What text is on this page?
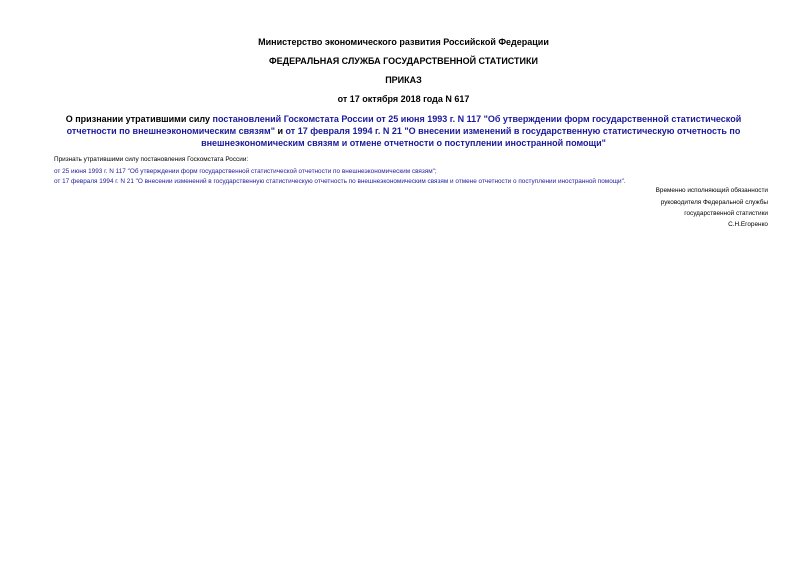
Министерство экономического развития Российской Федерации
ФЕДЕРАЛЬНАЯ СЛУЖБА ГОСУДАРСТВЕННОЙ СТАТИСТИКИ
ПРИКАЗ
от 17 октября 2018 года N 617
О признании утратившими силу постановлений Госкомстата России от 25 июня 1993 г. N 117 "Об утверждении форм государственной статистической отчетности по внешнеэкономическим связям" и от 17 февраля 1994 г. N 21 "О внесении изменений в государственную статистическую отчетность по внешнеэкономическим связям и отмене отчетности о поступлении иностранной помощи"
Признать утратившими силу постановления Госкомстата России:
от 25 июня 1993 г. N 117 "Об утверждении форм государственной статистической отчетности по внешнеэкономическим связям";
от 17 февраля 1994 г. N 21 "О внесении изменений в государственную статистическую отчетность по внешнеэкономическим связям и отмене отчетности о поступлении иностранной помощи".
Временно исполняющий обязанности
руководителя Федеральной службы
государственной статистики
С.Н.Егоренко
